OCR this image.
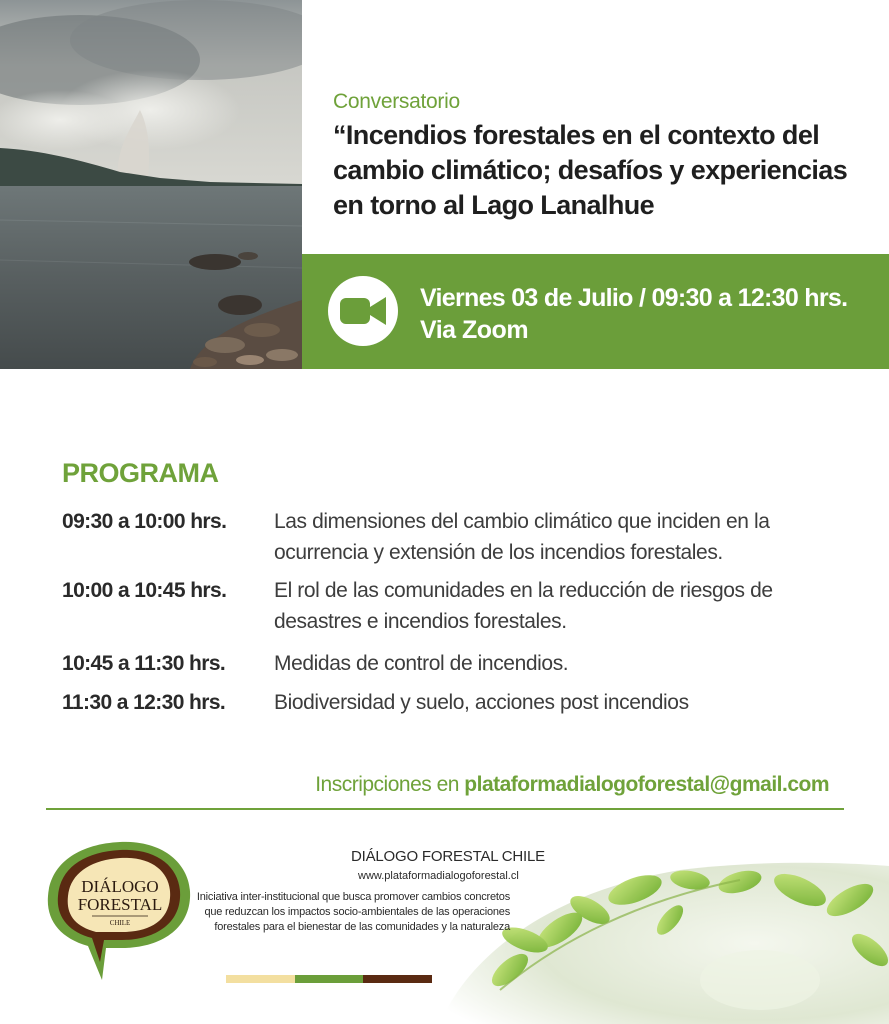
Conversatorio
“Incendios forestales en el contexto del cambio climático; desafíos y experiencias en torno al Lago Lanalhue
Viernes 03 de Julio / 09:30 a 12:30 hrs.
Via Zoom
PROGRAMA
09:30 a 10:00 hrs. Las dimensiones del cambio climático que inciden en la ocurrencia y extensión de los incendios forestales.
10:00 a 10:45 hrs. El rol de las comunidades en la reducción de riesgos de desastres e incendios forestales.
10:45 a 11:30 hrs. Medidas de control de incendios.
11:30 a 12:30 hrs. Biodiversidad y suelo, acciones post incendios
Inscripciones en plataformadialogoforestal@gmail.com
DIÁLOGO
FORESTAL
CHILE
DIÁLOGO FORESTAL CHILE
www.plataformadialogoforestal.cl
Iniciativa inter-institucional que busca promover cambios concretos que reduzcan los impactos socio-ambientales de las operaciones forestales para el bienestar de las comunidades y la naturaleza
